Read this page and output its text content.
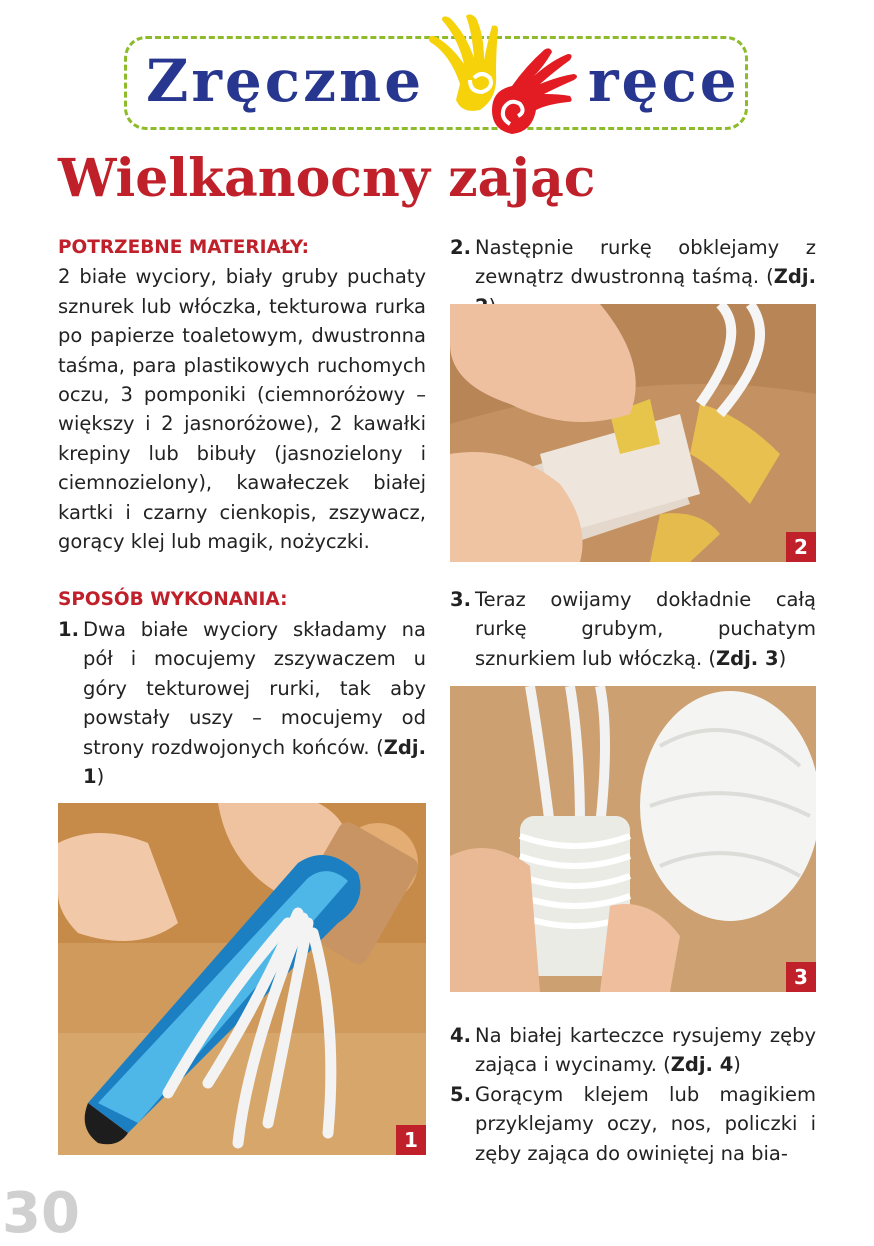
Zręczne	ręce
Wielkanocny zając
POTRZEBNE MATERIAŁY:
2 białe wyciory, biały gruby puchaty sznurek lub włóczka, tekturowa rurka po papierze toaletowym, dwustronna taśma, para plastikowych ruchomych oczu, 3 pomponiki (ciemnoróżowy – większy i 2 jasnoróżowe), 2 kawałki krepiny lub bibuły (jasnozielony i ciemnozielony), kawałeczek białej kartki i czarny cienkopis, zszywacz, gorący klej lub magik, nożyczki.
SPOSÓB WYKONANIA:
1. Dwa białe wyciory składamy na pół i mocujemy zszywaczem u góry tekturowej rurki, tak aby powstały uszy – mocujemy od strony rozdwojonych końców. (Zdj. 1)
1
2. Następnie rurkę obklejamy z zewnątrz dwustronną taśmą. (Zdj.
2
3. Teraz owijamy dokładnie całą rurkę grubym, puchatym sznurkiem lub włóczką. (Zdj. 3)
3
4. Na białej karteczce rysujemy zęby zająca i wycinamy. (Zdj. 4)
5. Gorącym klejem lub magikiem przyklejamy oczy, nos, policzki i zęby zająca do owiniętej na bia-
30
